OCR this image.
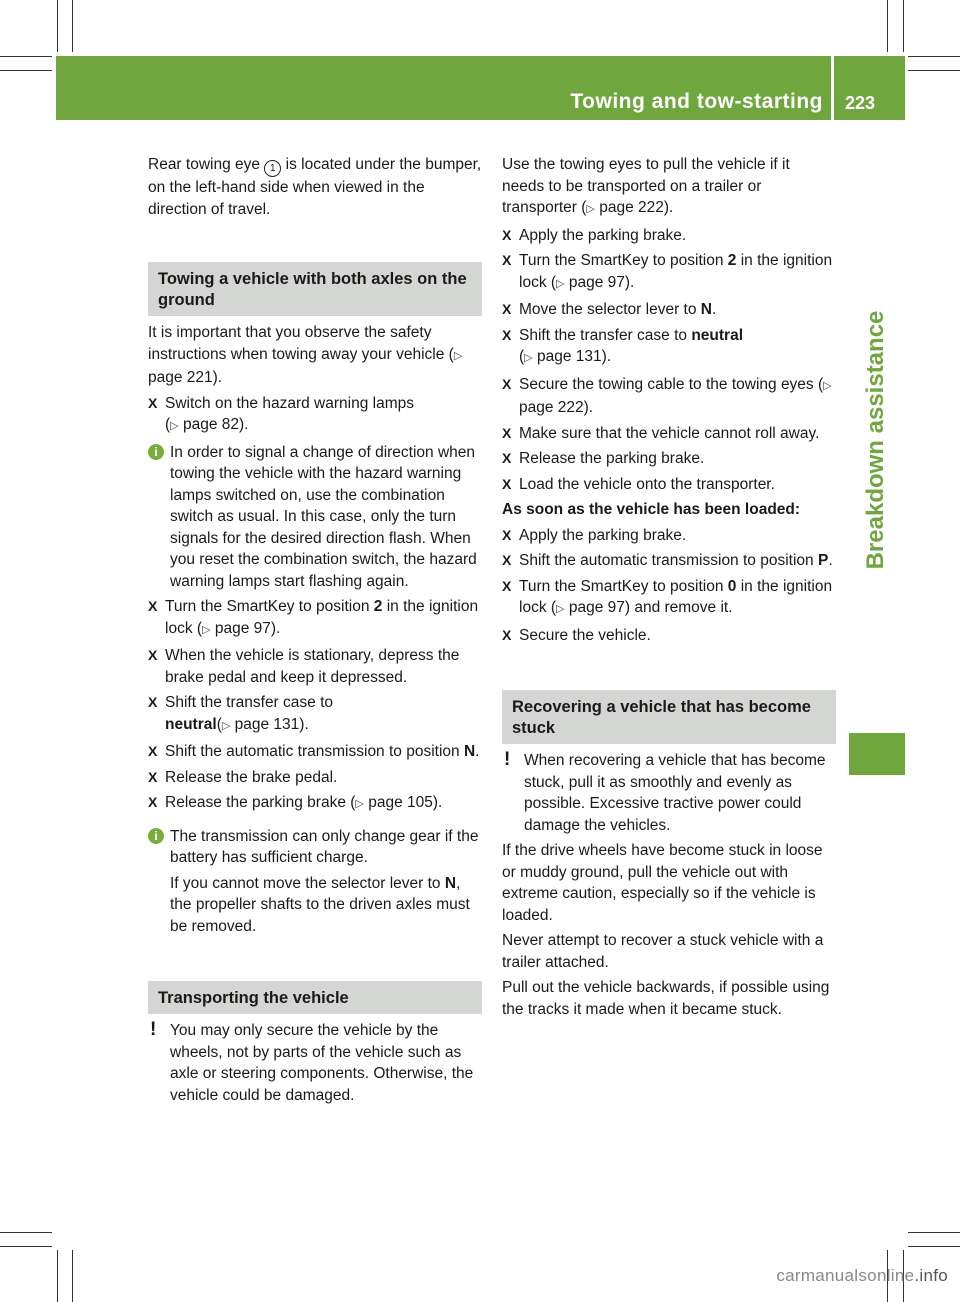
Towing and tow-starting 223
Breakdown assistance

Rear towing eye 1 is located under the bumper, on the left-hand side when viewed in the direction of travel.

Towing a vehicle with both axles on the ground

It is important that you observe the safety instructions when towing away your vehicle (▷ page 221).

X Switch on the hazard warning lamps
(▷ page 82).
i In order to signal a change of direction when towing the vehicle with the hazard warning lamps switched on, use the combination switch as usual. In this case, only the turn signals for the desired direction flash. When you reset the combination switch, the hazard warning lamps start flashing again.
X Turn the SmartKey to position 2 in the ignition lock (▷ page 97).
X When the vehicle is stationary, depress the brake pedal and keep it depressed.
X Shift the transfer case to
neutral(▷ page 131).
X Shift the automatic transmission to position N.
X Release the brake pedal.
X Release the parking brake (▷ page 105).
i The transmission can only change gear if the battery has sufficient charge.
If you cannot move the selector lever to N, the propeller shafts to the driven axles must be removed.
Transporting the vehicle
! You may only secure the vehicle by the wheels, not by parts of the vehicle such as axle or steering components. Otherwise, the vehicle could be damaged.

Use the towing eyes to pull the vehicle if it needs to be transported on a trailer or transporter (▷ page 222).

X Apply the parking brake.
X Turn the SmartKey to position 2 in the ignition lock (▷ page 97).
X Move the selector lever to N.
X Shift the transfer case to neutral
(▷ page 131).
X Secure the towing cable to the towing eyes (▷ page 222).
X Make sure that the vehicle cannot roll away.
X Release the parking brake.
X Load the vehicle onto the transporter.
As soon as the vehicle has been loaded:
X Apply the parking brake.
X Shift the automatic transmission to position P.
X Turn the SmartKey to position 0 in the ignition lock (▷ page 97) and remove it.
X Secure the vehicle.
Recovering a vehicle that has become stuck
! When recovering a vehicle that has become stuck, pull it as smoothly and evenly as possible. Excessive tractive power could damage the vehicles.

If the drive wheels have become stuck in loose or muddy ground, pull the vehicle out with extreme caution, especially so if the vehicle is loaded.

Never attempt to recover a stuck vehicle with a trailer attached.

Pull out the vehicle backwards, if possible using the tracks it made when it became stuck.

carmanualsonline.info
